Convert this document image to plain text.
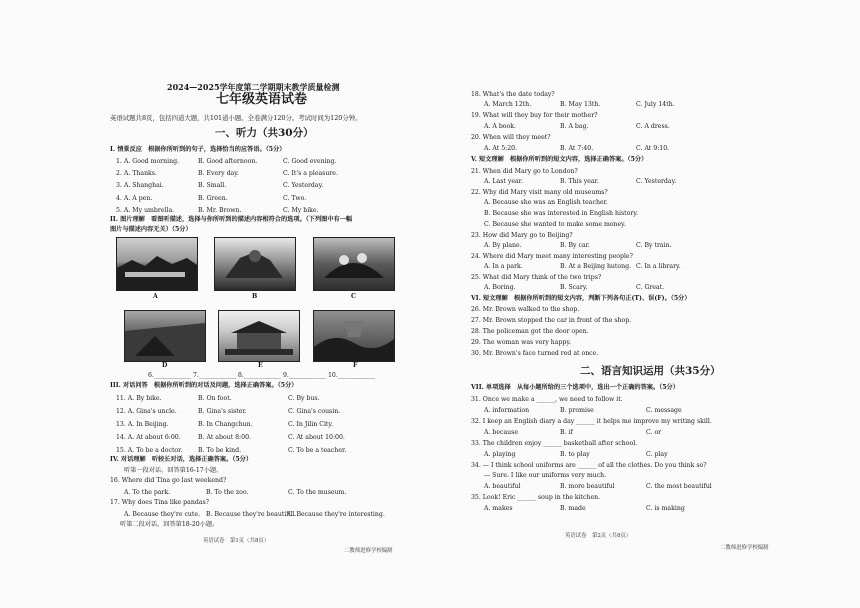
2024—2025学年度第二学期期末教学质量检测
七年级英语试卷
英语试题共8页，包括四道大题，共101道小题。全卷满分120分。考试时间为120分钟。
一、听力（共30分）
I. 情景反应　根据你所听到的句子，选择恰当的应答语。（5分）
1. A. Good morning.	B. Good afternoon.	C. Good evening.
2. A. Thanks.	B. Every day.	C. It's a pleasure.
3. A. Shanghai.	B. Small.	C. Yesterday.
4. A. A pen.	B. Green.	C. Two.
5. A. My umbrella.	B. Mr. Brown.	C. My bike.
II. 图片理解　看图听描述，选择与你所听到的描述内容相符合的选项。（下列图中有一幅
图片与描述内容无关）（5分）
A	B	C
D	E	F
6.____________ 7.____________ 8.____________ 9.____________ 10.____________
III. 对话问答　根据你所听到的对话及问题，选择正确答案。（5分）
11. A. By bike.	B. On foot.	C. By bus.
12. A. Gina's uncle.	B. Gina's sister.	C. Gina's cousin.
13. A. In Beijing.	B. In Changchun.	C. In Jilin City.
14. A. At about 6:00.	B. At about 8:00.	C. At about 10:00.
15. A. To be a doctor.	B. To be kind.	C. To be a teacher.
IV. 对话理解　听较长对话，选择正确答案。（5分）
听第一段对话，回答第16-17小题。
16. Where did Tina go last weekend?
A. To the park.	B. To the zoo.	C. To the museum.
17. Why does Tina like pandas?
A. Because they're cute. B. Because they're beautiful.
C. Because they're interesting.
听第二段对话，回答第18-20小题。
英语试卷　第1页（共8页）
二教师进修学校编制
18. What's the date today?
A. March 12th.	B. May 13th.	C. July 14th.
19. What will they buy for their mother?
A. A book.	B. A bag.	C. A dress.
20. When will they meet?
A. At 5:20.	B. At 7:40.	C. At 9:10.
V. 短文理解　根据你所听到的短文内容，选择正确答案。（5分）
21. When did Mary go to London?
A. Last year.	B. This year.	C. Yesterday.
22. Why did Mary visit many old museums?
A. Because she was an English teacher.
B. Because she was interested in English history.
C. Because she wanted to make some money.
23. How did Mary go to Beijing?
A. By plane.	B. By car.	C. By train.
24. Where did Mary meet many interesting people?
A. In a park.	B. At a Beijing hutong. C. In a library.
25. What did Mary think of the two trips?
A. Boring.	B. Scary.	C. Great.
VI. 短文理解　根据你所听到的短文内容，判断下列各句正(T)、误(F)。（5分）
26. Mr. Brown walked to the shop.
27. Mr. Brown stopped the car in front of the shop.
28. The policeman got the door open.
29. The woman was very happy.
30. Mr. Brown's face turned red at once.
二、语言知识运用（共35分）
VII. 单项选择　从每小题所给的三个选项中，选出一个正确的答案。（5分）
31. Once we make a ______, we need to follow it.
A. information	B. promise	C. message
32. I keep an English diary a day ______ it helps me improve my writing skill.
A. because	B. if	C. or
33. The children enjoy ______ basketball after school.
A. playing	B. to play	C. play
34. — I think school uniforms are ______ of all the clothes. Do you think so?
— Sure. I like our uniforms very much.
A. beautiful	B. more beautiful	C. the most beautiful
35. Look! Eric ______ soup in the kitchen.
A. makes	B. made	C. is making
英语试卷　第2页（共8页）
二教师进修学校编制
